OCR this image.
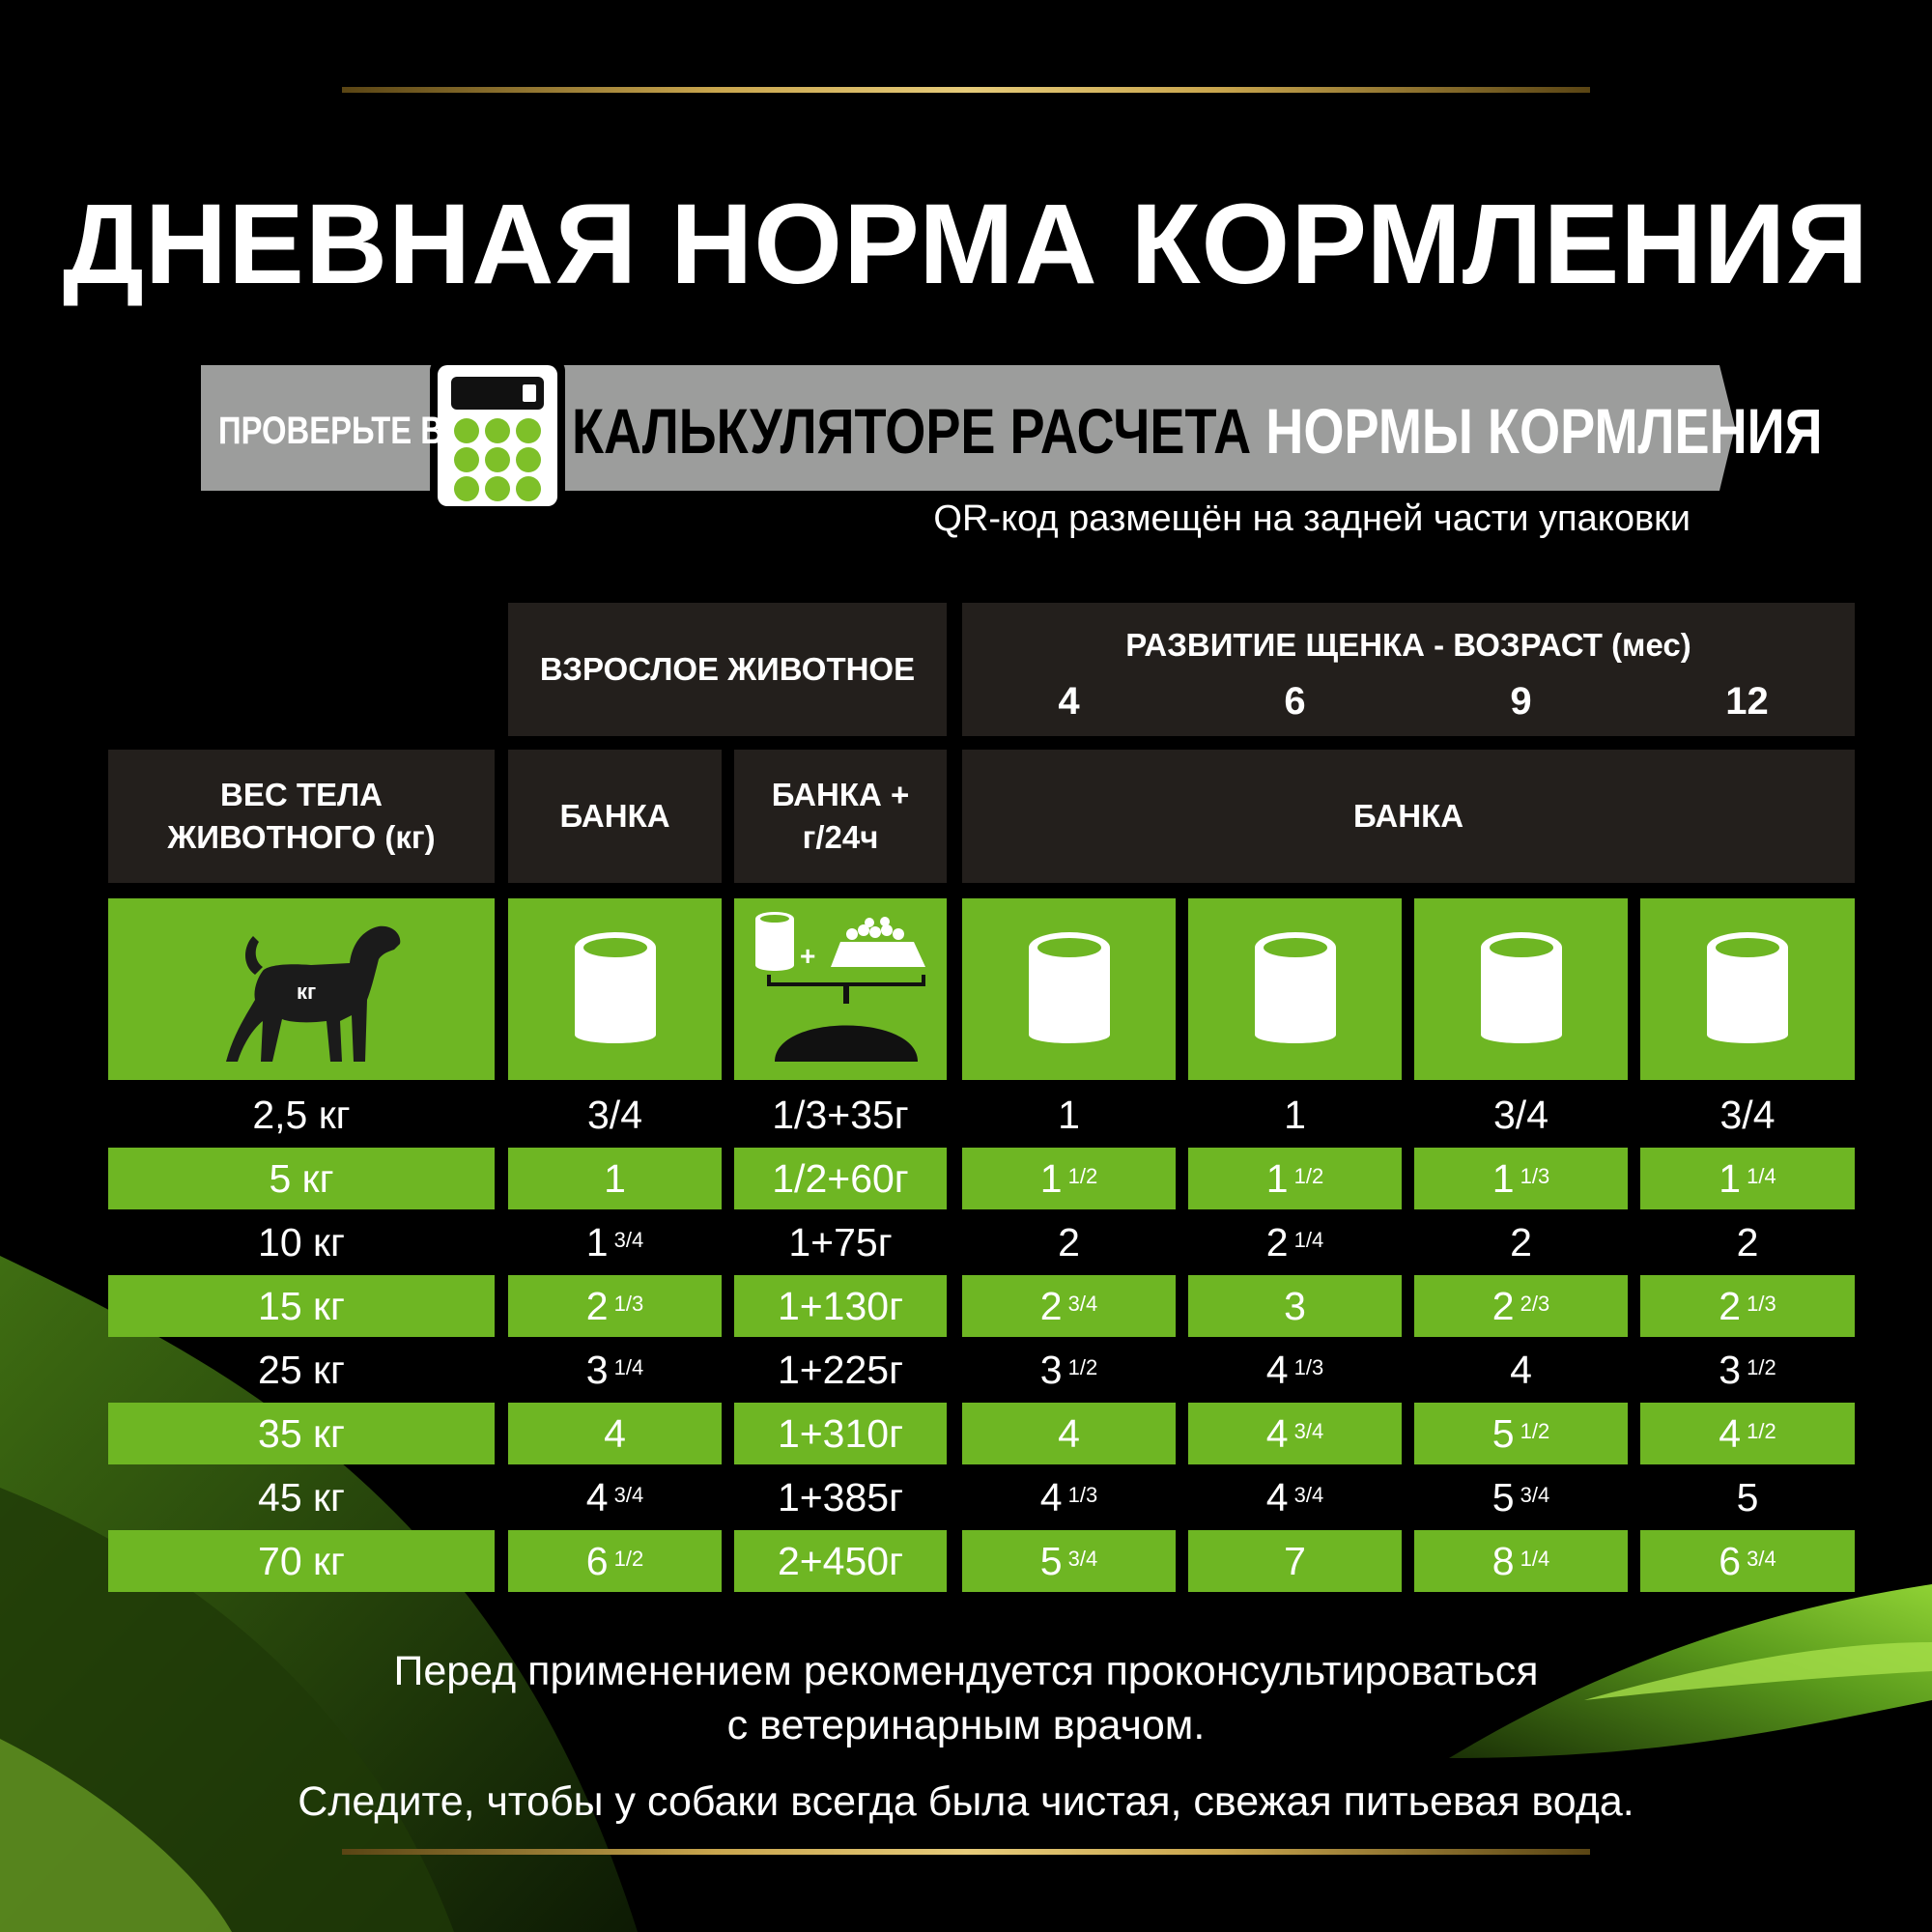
ДНЕВНАЯ НОРМА КОРМЛЕНИЯ
ПРОВЕРЬТЕ В КАЛЬКУЛЯТОРЕ РАСЧЕТА НОРМЫ КОРМЛЕНИЯ
QR-код размещён на задней части упаковки
ВЗРОСЛОЕ ЖИВОТНОЕ
РАЗВИТИЕ ЩЕНКА - ВОЗРАСТ (мес)
4	6	9	12
ВЕС ТЕЛА ЖИВОТНОГО (кг)
БАНКА
БАНКА + г/24ч
БАНКА
кг
+
2,5 кг	3/4	1/3+35г	1	1	3/4	3/4
5 кг	1	1/2+60г	1 $^{1/2}$	1 $^{1/2}$	1 $^{1/3}$	1 $^{1/4}$
10 кг	1 $^{3/4}$	1+75г	2	2 $^{1/4}$	2	2
15 кг	2 $^{1/3}$	1+130г	2 $^{3/4}$	3	2 $^{2/3}$	2 $^{1/3}$
25 кг	3 $^{1/4}$	1+225г	3 $^{1/2}$	4 $^{1/3}$	4	3 $^{1/2}$
35 кг	4	1+310г	4	4 $^{3/4}$	5 $^{1/2}$	4 $^{1/2}$
45 кг	4 $^{3/4}$	1+385г	4 $^{1/3}$	4 $^{3/4}$	5 $^{3/4}$	5
70 кг	6 $^{1/2}$	2+450г	5 $^{3/4}$	7	8 $^{1/4}$	6 $^{3/4}$
Перед применением рекомендуется проконсультироваться
с ветеринарным врачом.
Следите, чтобы у собаки всегда была чистая, свежая питьевая вода.
